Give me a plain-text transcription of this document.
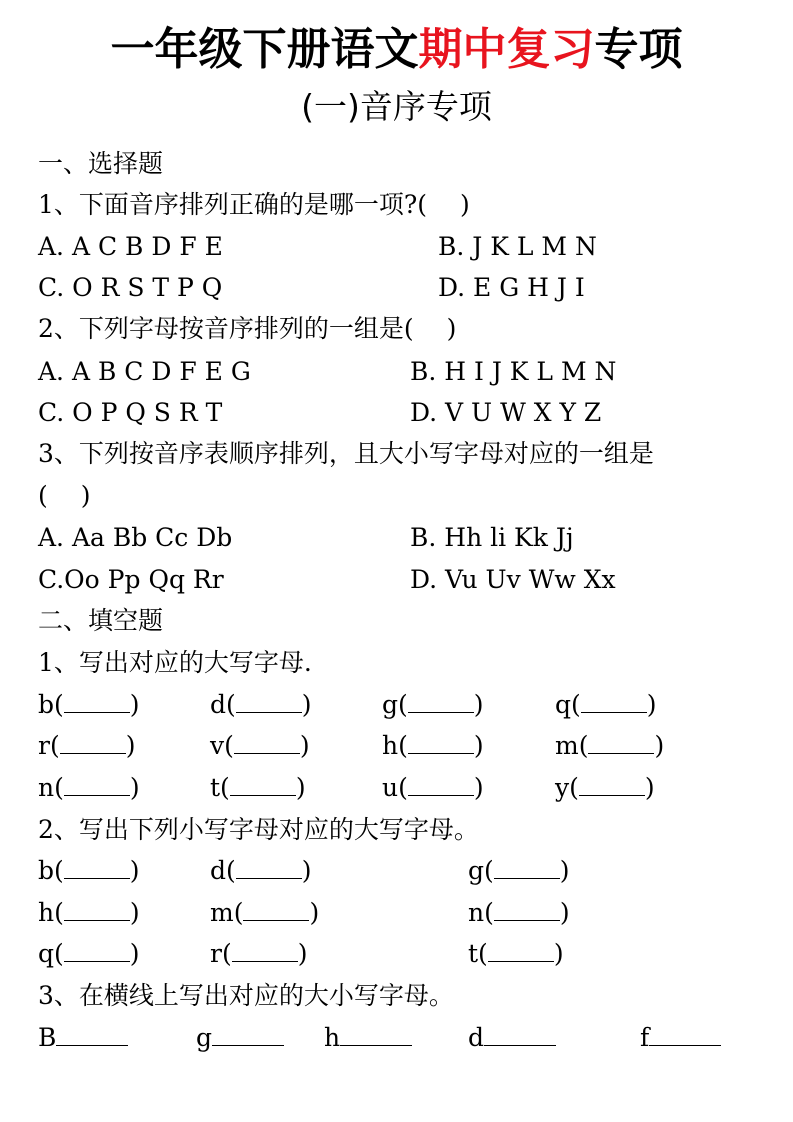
一年级下册语文期中复习专项
(一)音序专项
一、选择题
1、下面音序排列正确的是哪一项?(　 )
A. A C B D F E	B. J K L M N
C. O R S T P Q	D. E G H J I
2、下列字母按音序排列的一组是(　 )
A. A B C D F E G	B. H I J K L M N
C. O P Q S R T	D. V U W X Y Z
3、下列按音序表顺序排列，且大小写字母对应的一组是
(　 )
A. Aa Bb Cc Db	B. Hh li Kk Jj
C.Oo Pp Qq Rr	D. Vu Uv Ww Xx
二、填空题
1、写出对应的大写字母.
2、写出下列小写字母对应的大写字母。
3、在横线上写出对应的大小写字母。
b(	)	d(	)	g(	)	q(	)
r(	)	v(	)	h(	)	m(	)
n(	)	t(	)	u(	)	y(	)
b(	)	d(	)	g(	)
h(	)	m(	)	n(	)
q(	)	r(	)	t(	)
B	g	h	d	f
